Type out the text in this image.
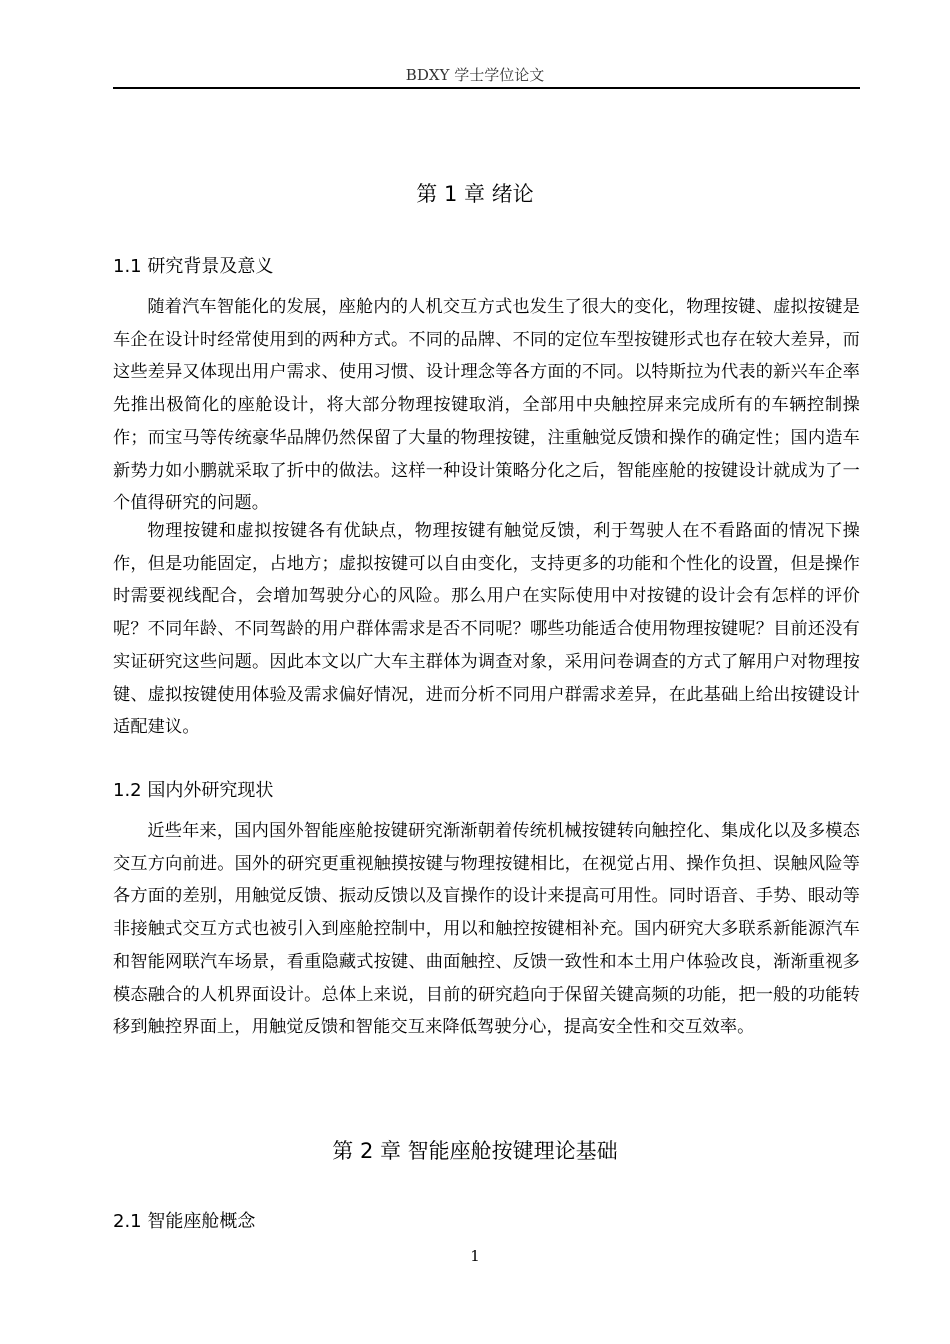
BDXY 学士学位论文
第 1 章 绪论
1.1 研究背景及意义

随着汽车智能化的发展，座舱内的人机交互方式也发生了很大的变化，物理按键、虚拟按键是车企在设计时经常使用到的两种方式。不同的品牌、不同的定位车型按键形式也存在较大差异，而这些差异又体现出用户需求、使用习惯、设计理念等各方面的不同。以特斯拉为代表的新兴车企率先推出极简化的座舱设计，将大部分物理按键取消，全部用中央触控屏来完成所有的车辆控制操作；而宝马等传统豪华品牌仍然保留了大量的物理按键，注重触觉反馈和操作的确定性；国内造车新势力如小鹏就采取了折中的做法。这样一种设计策略分化之后，智能座舱的按键设计就成为了一个值得研究的问题。

物理按键和虚拟按键各有优缺点，物理按键有触觉反馈，利于驾驶人在不看路面的情况下操作，但是功能固定，占地方；虚拟按键可以自由变化，支持更多的功能和个性化的设置，但是操作时需要视线配合，会增加驾驶分心的风险。那么用户在实际使用中对按键的设计会有怎样的评价呢？不同年龄、不同驾龄的用户群体需求是否不同呢？哪些功能适合使用物理按键呢？目前还没有实证研究这些问题。因此本文以广大车主群体为调查对象，采用问卷调查的方式了解用户对物理按键、虚拟按键使用体验及需求偏好情况，进而分析不同用户群需求差异，在此基础上给出按键设计适配建议。

1.2 国内外研究现状

近些年来，国内国外智能座舱按键研究渐渐朝着传统机械按键转向触控化、集成化以及多模态交互方向前进。国外的研究更重视触摸按键与物理按键相比，在视觉占用、操作负担、误触风险等各方面的差别，用触觉反馈、振动反馈以及盲操作的设计来提高可用性。同时语音、手势、眼动等非接触式交互方式也被引入到座舱控制中，用以和触控按键相补充。国内研究大多联系新能源汽车和智能网联汽车场景，看重隐藏式按键、曲面触控、反馈一致性和本土用户体验改良，渐渐重视多模态融合的人机界面设计。总体上来说，目前的研究趋向于保留关键高频的功能，把一般的功能转移到触控界面上，用触觉反馈和智能交互来降低驾驶分心，提高安全性和交互效率。

第 2 章 智能座舱按键理论基础
2.1 智能座舱概念
1
